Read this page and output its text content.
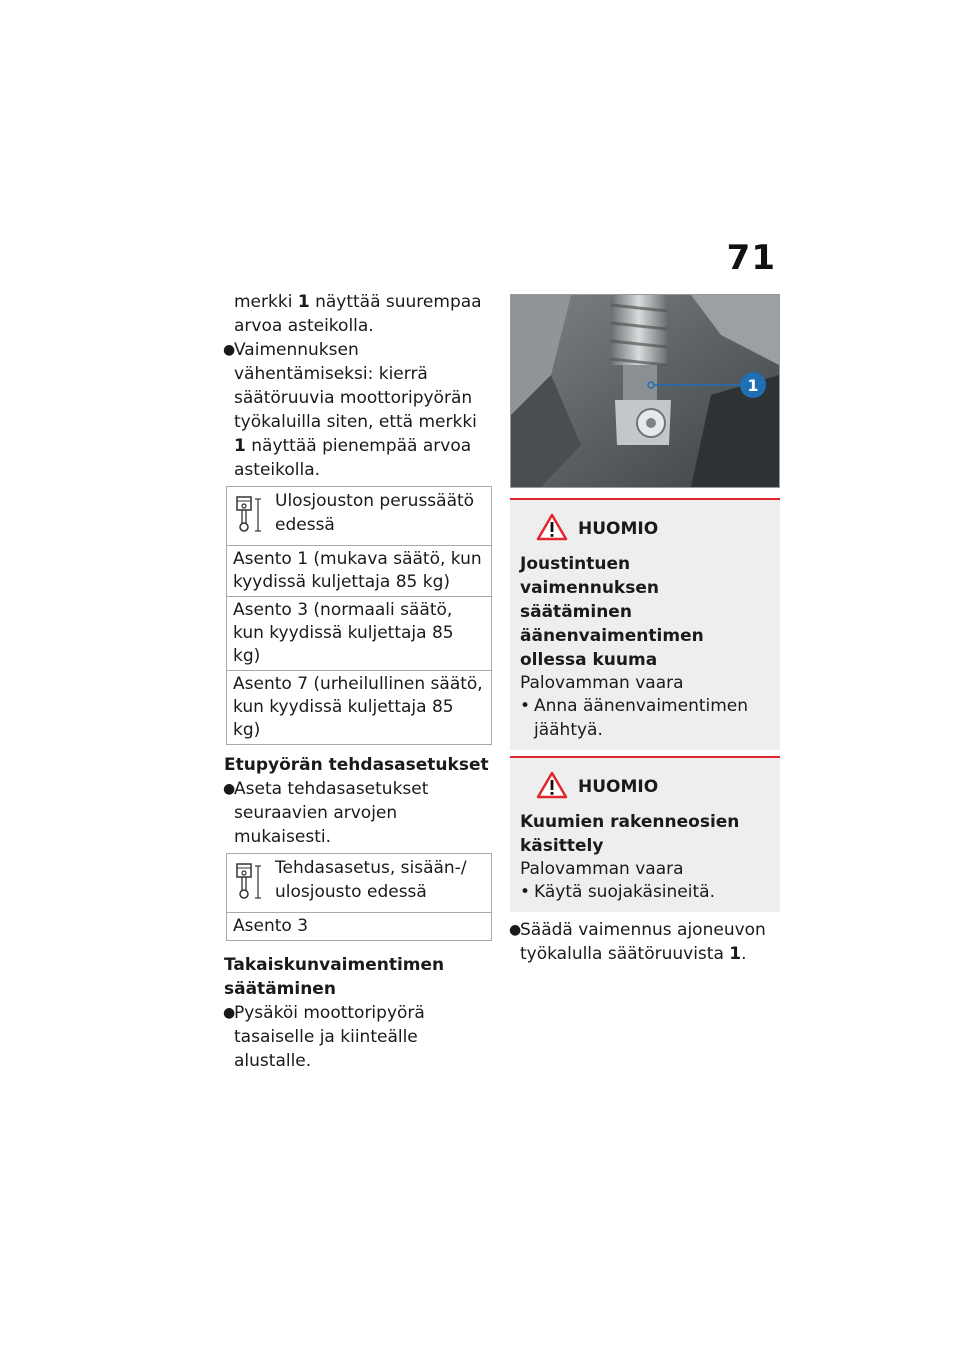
71
merkki 1 näyttää suurempaa arvoa asteikolla.
●
Vaimennuksen vähentämiseksi: kierrä säätöruuvia moottoripyörän työkaluilla siten, että merkki 1 näyttää pienempää arvoa asteikolla.
Ulosjouston perussäätö edessä
Asento 1 (mukava säätö, kun kyydissä kuljettaja 85 kg)
Asento 3 (normaali säätö, kun kyydissä kuljettaja 85 kg)
Asento 7 (urheilullinen säätö, kun kyydissä kuljettaja 85 kg)
Etupyörän tehdasasetukset
●
Aseta tehdasasetukset seuraavien arvojen mukaisesti.
Tehdasasetus, sisään-/ ulosjousto edessä
Asento 3
Takaiskunvaimentimen säätäminen
●
Pysäköi moottoripyörä tasaiselle ja kiinteälle alustalle.
1
HUOMIO
Joustintuen vaimennuksen säätäminen äänenvaimentimen ollessa kuuma
Palovamman vaara
• Anna äänenvaimentimen jäähtyä.
HUOMIO
Kuumien rakenneosien käsittely
Palovamman vaara
• Käytä suojakäsineitä.
●
Säädä vaimennus ajoneuvon työkalulla säätöruuvista 1.
